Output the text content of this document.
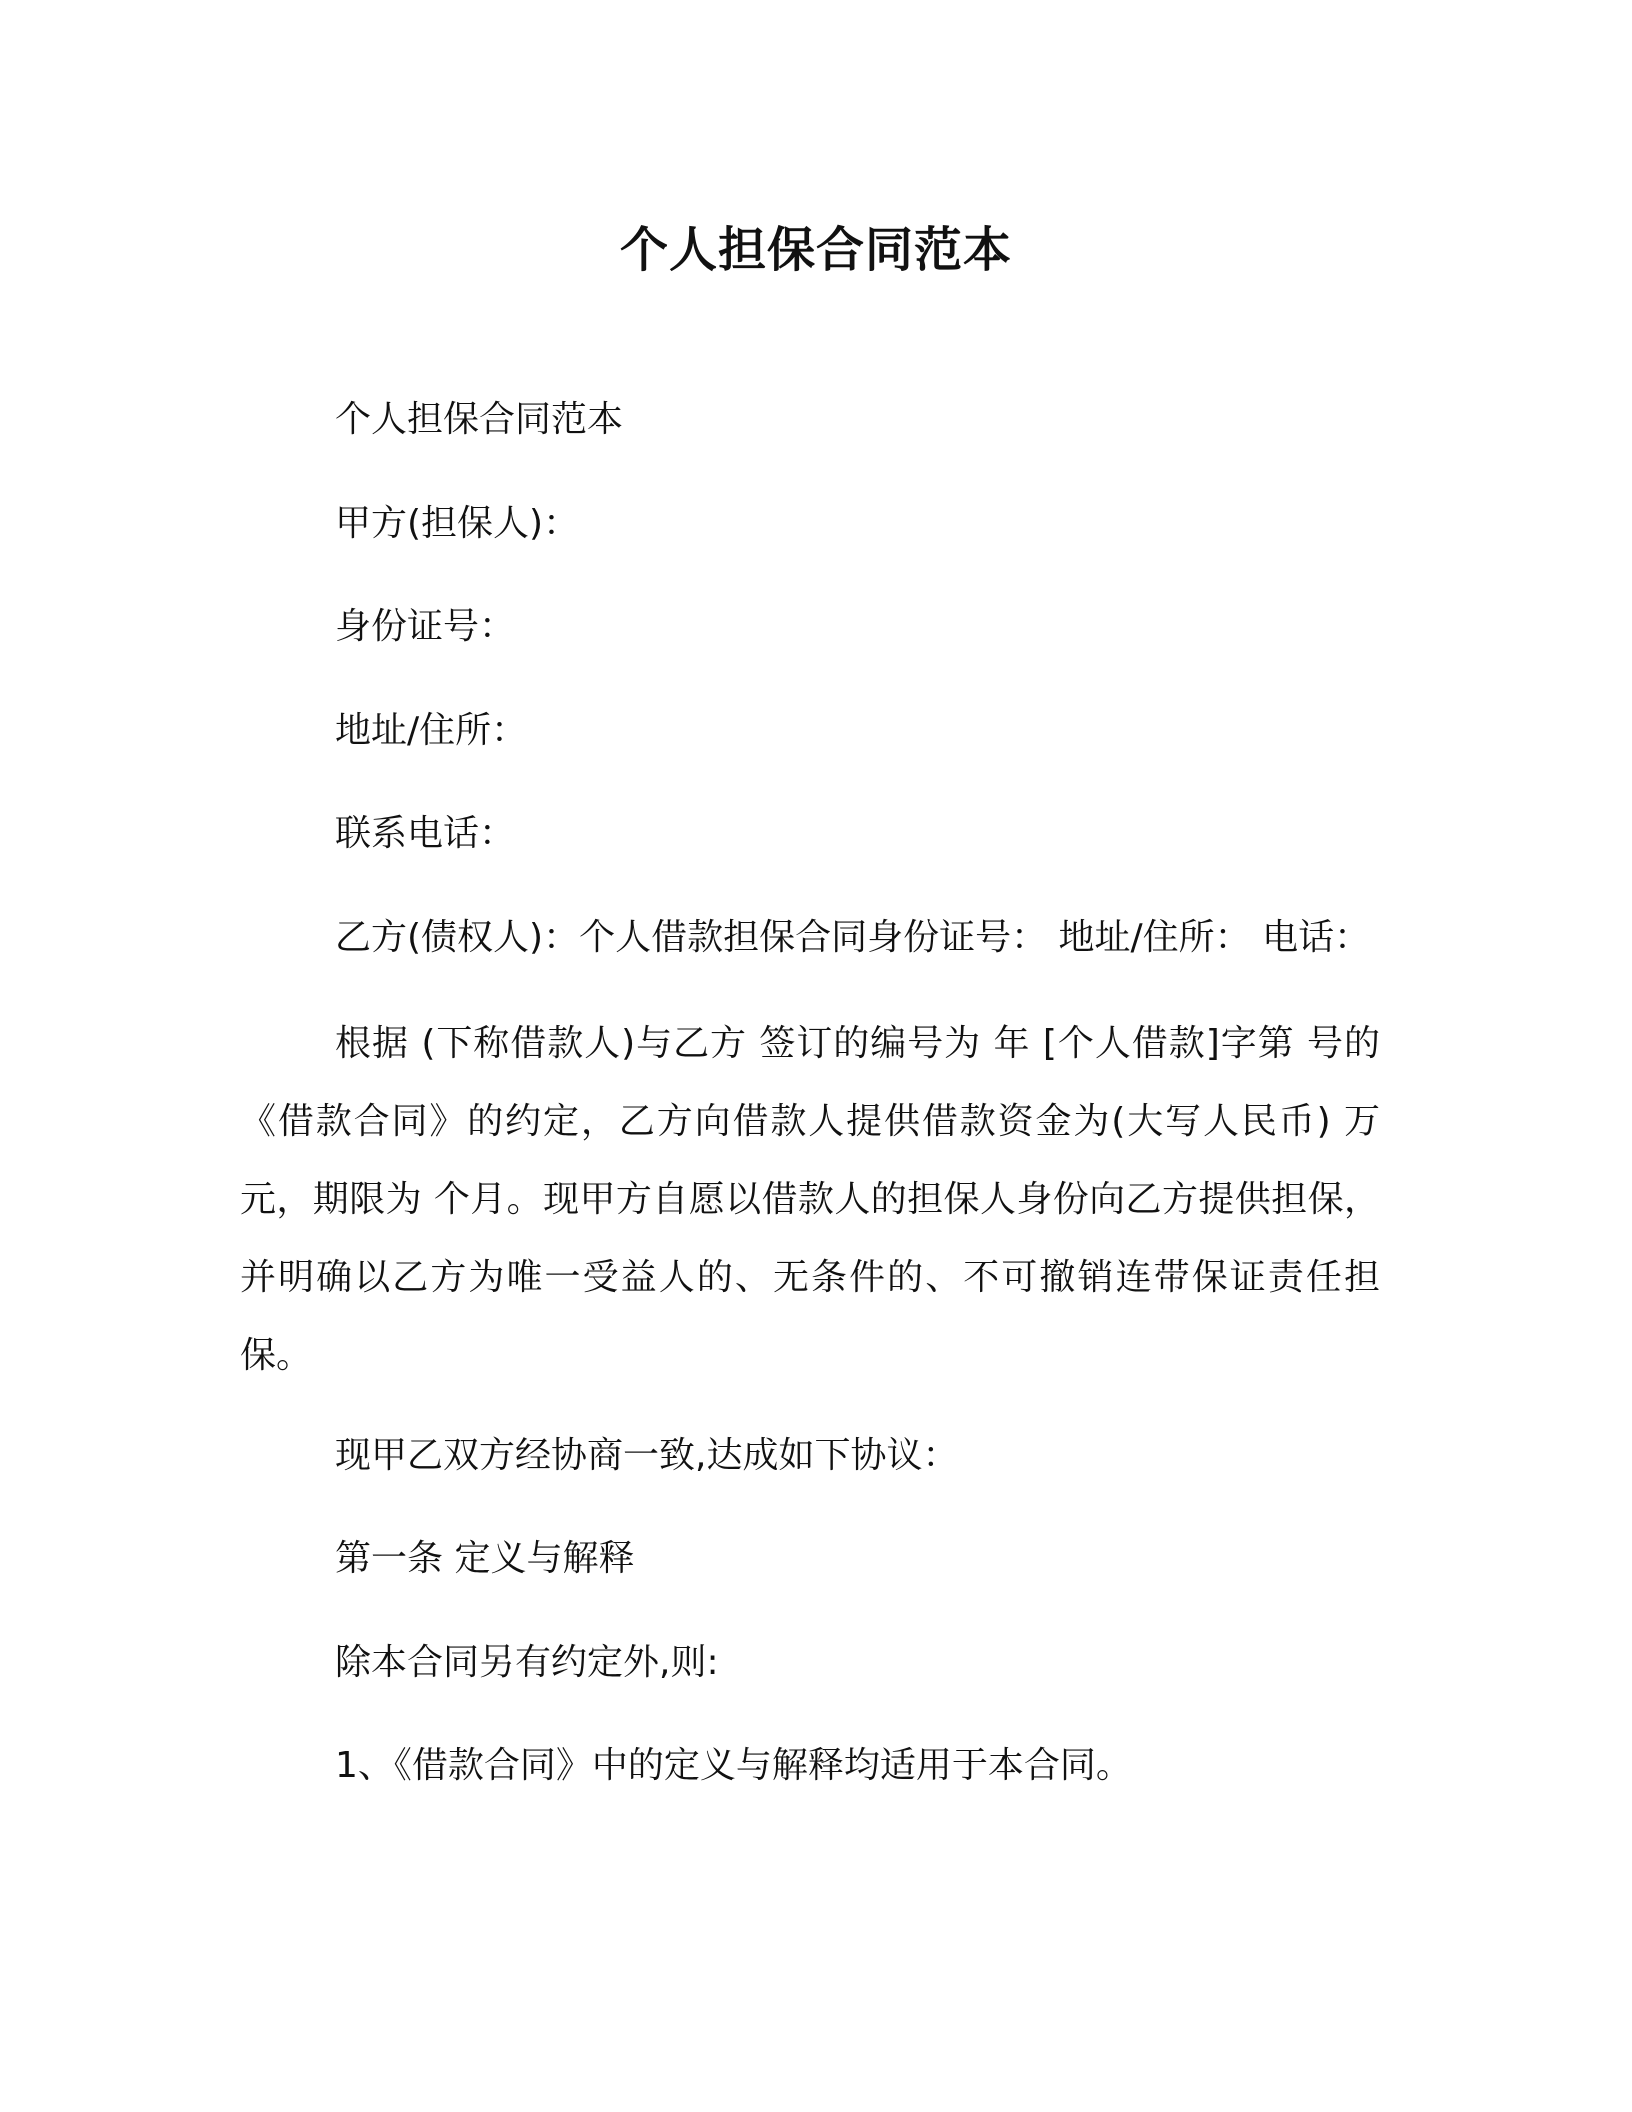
个人担保合同范本
个人担保合同范本
甲方(担保人)：
身份证号：
地址/住所：
联系电话：
乙方(债权人)：个人借款担保合同身份证号： 地址/住所： 电话：
根据 (下称借款人)与乙方 签订的编号为 年 [个人借款]字第 号的《借款合同》的约定，乙方向借款人提供借款资金为(大写人民币) 万元，期限为 个月。现甲方自愿以借款人的担保人身份向乙方提供担保，并明确以乙方为唯一受益人的、无条件的、不可撤销连带保证责任担保。
现甲乙双方经协商一致,达成如下协议：
第一条 定义与解释
除本合同另有约定外,则:
1、《借款合同》中的定义与解释均适用于本合同。
